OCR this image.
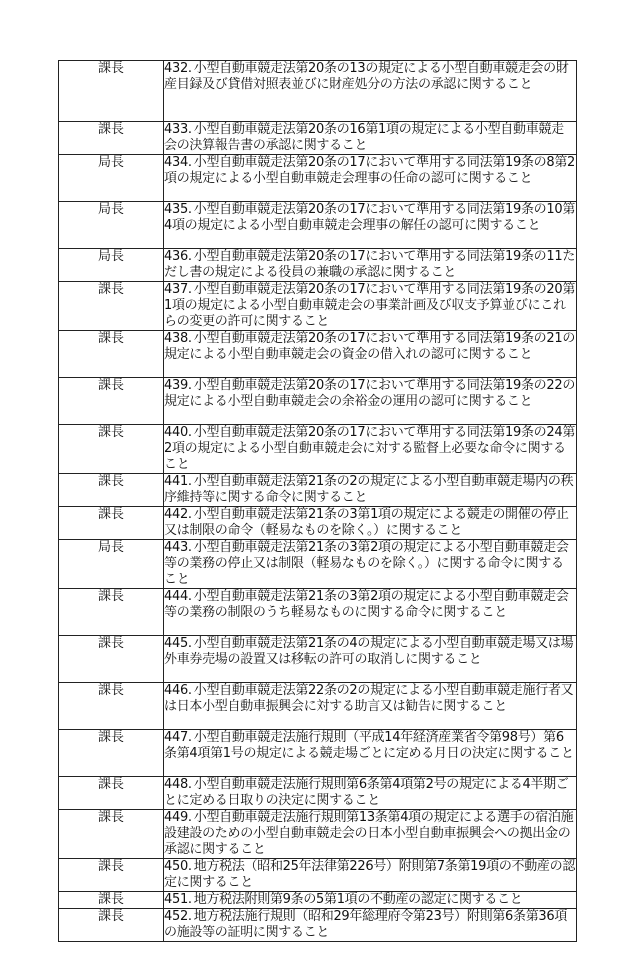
課長	432. 小型自動車競走法第20条の13の規定による小型自動車競走会の財産目録及び貸借対照表並びに財産処分の方法の承認に関すること
課長	433. 小型自動車競走法第20条の16第1項の規定による小型自動車競走会の決算報告書の承認に関すること
局長	434. 小型自動車競走法第20条の17において準用する同法第19条の8第2項の規定による小型自動車競走会理事の任命の認可に関すること
局長	435. 小型自動車競走法第20条の17において準用する同法第19条の10第4項の規定による小型自動車競走会理事の解任の認可に関すること
局長	436. 小型自動車競走法第20条の17において準用する同法第19条の11ただし書の規定による役員の兼職の承認に関すること
課長	437. 小型自動車競走法第20条の17において準用する同法第19条の20第1項の規定による小型自動車競走会の事業計画及び収支予算並びにこれらの変更の許可に関すること
課長	438. 小型自動車競走法第20条の17において準用する同法第19条の21の規定による小型自動車競走会の資金の借入れの認可に関すること
課長	439. 小型自動車競走法第20条の17において準用する同法第19条の22の規定による小型自動車競走会の余裕金の運用の認可に関すること
課長	440. 小型自動車競走法第20条の17において準用する同法第19条の24第2項の規定による小型自動車競走会に対する監督上必要な命令に関すること
課長	441. 小型自動車競走法第21条の2の規定による小型自動車競走場内の秩序維持等に関する命令に関すること
課長	442. 小型自動車競走法第21条の3第1項の規定による競走の開催の停止又は制限の命令（軽易なものを除く。）に関すること
局長	443. 小型自動車競走法第21条の3第2項の規定による小型自動車競走会等の業務の停止又は制限（軽易なものを除く。）に関する命令に関すること
課長	444. 小型自動車競走法第21条の3第2項の規定による小型自動車競走会等の業務の制限のうち軽易なものに関する命令に関すること
課長	445. 小型自動車競走法第21条の4の規定による小型自動車競走場又は場外車券売場の設置又は移転の許可の取消しに関すること
課長	446. 小型自動車競走法第22条の2の規定による小型自動車競走施行者又は日本小型自動車振興会に対する助言又は勧告に関すること
課長	447. 小型自動車競走法施行規則（平成14年経済産業省令第98号）第6条第4項第1号の規定による競走場ごとに定める月日の決定に関すること
課長	448. 小型自動車競走法施行規則第6条第4項第2号の規定による4半期ごとに定める日取りの決定に関すること
課長	449. 小型自動車競走法施行規則第13条第4項の規定による選手の宿泊施設建設のための小型自動車競走会の日本小型自動車振興会への拠出金の承認に関すること
課長	450. 地方税法（昭和25年法律第226号）附則第7条第19項の不動産の認定に関すること
課長	451. 地方税法附則第9条の5第1項の不動産の認定に関すること
課長	452. 地方税法施行規則（昭和29年総理府令第23号）附則第6条第36項の施設等の証明に関すること
